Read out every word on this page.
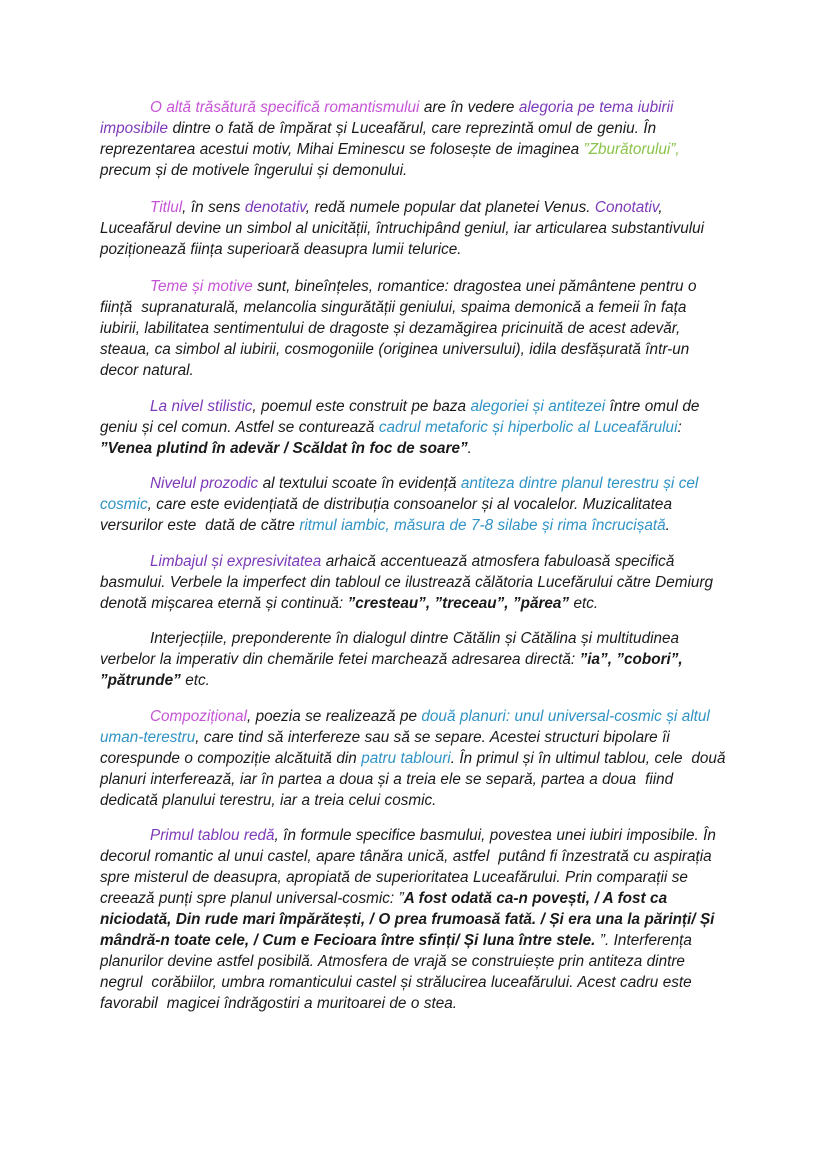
O altă trăsătură specifică romantismului are în vedere alegoria pe tema iubirii imposibile dintre o fată de împărat și Luceafărul, care reprezintă omul de geniu. În reprezentarea acestui motiv, Mihai Eminescu se folosește de imaginea ”Zburătorului”, precum și de motivele îngerului și demonului.

Titlul, în sens denotativ, redă numele popular dat planetei Venus. Conotativ, Luceafărul devine un simbol al unicității, întruchipând geniul, iar articularea substantivului poziționează ființa superioară deasupra lumii telurice.

Teme și motive sunt, bineînțeles, romantice: dragostea unei pământene pentru o ființă  supranaturală, melancolia singurătății geniului, spaima demonică a femeii în fața  iubirii, labilitatea sentimentului de dragoste și dezamăgirea pricinuită de acest adevăr,  steaua, ca simbol al iubirii, cosmogoniile (originea universului), idila desfășurată într-un  decor natural.

La nivel stilistic, poemul este construit pe baza alegoriei și antitezei între omul de geniu și cel comun. Astfel se conturează cadrul metaforic și hiperbolic al Luceafărului: ”Venea plutind în adevăr / Scăldat în foc de soare”.

Nivelul prozodic al textului scoate în evidență antiteza dintre planul terestru și cel cosmic, care este evidențiată de distribuția consoanelor și al vocalelor. Muzicalitatea versurilor este  dată de către ritmul iambic, măsura de 7-8 silabe și rima încrucișată.

Limbajul și expresivitatea arhaică accentuează atmosfera fabuloasă specifică basmului. Verbele la imperfect din tabloul ce ilustrează călătoria Lucefărului către Demiurg denotă mișcarea eternă și continuă: ”cresteau”, ”treceau”, ”părea” etc.

Interjecțiile, preponderente în dialogul dintre Cătălin și Cătălina și multitudinea verbelor la imperativ din chemările fetei marchează adresarea directă: ”ia”, ”cobori”, ”pătrunde” etc.

Compozițional, poezia se realizează pe două planuri: unul universal-cosmic și altul  uman-terestru, care tind să interfereze sau să se separe. Acestei structuri bipolare îi  corespunde o compoziție alcătuită din patru tablouri. În primul și în ultimul tablou, cele  două planuri interferează, iar în partea a doua și a treia ele se separă, partea a doua  fiind dedicată planului terestru, iar a treia celui cosmic.

Primul tablou redă, în formule specifice basmului, povestea unei iubiri imposibile. În decorul romantic al unui castel, apare tânăra unică, astfel  putând fi înzestrată cu aspirația spre misterul de deasupra, apropiată de superioritatea Luceafărului. Prin comparații se creează punți spre planul universal-cosmic: ”A fost odată ca-n povești, / A fost ca niciodată, Din rude mari împărătești, / O prea frumoasă fată. / Și era una la părinți/ Și mândră-n toate cele, / Cum e Fecioara între sfinți/ Și luna între stele. ”. Interferența planurilor devine astfel posibilă. Atmosfera de vrajă se construiește prin antiteza dintre negrul  corăbiilor, umbra romanticului castel și strălucirea luceafărului. Acest cadru este favorabil  magicei îndrăgostiri a muritoarei de o stea.
